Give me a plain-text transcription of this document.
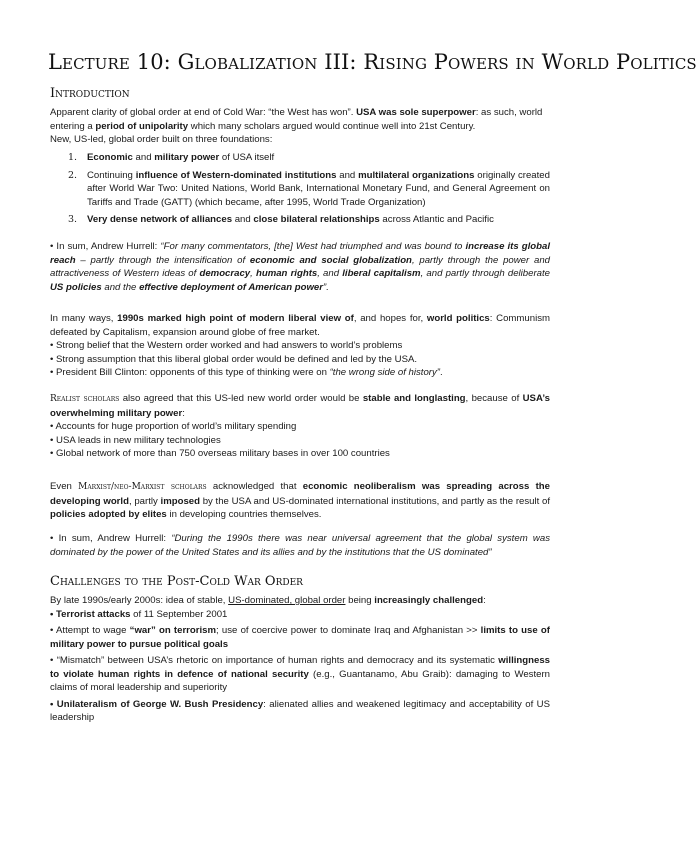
Lecture 10: Globalization III: Rising Powers in World Politics
Introduction
Apparent clarity of global order at end of Cold War: “the West has won”. USA was sole superpower: as such, world entering a period of unipolarity which many scholars argued would continue well into 21st Century.
New, US-led, global order built on three foundations:
1. Economic and military power of USA itself
2. Continuing influence of Western-dominated institutions and multilateral organizations originally created after World War Two: United Nations, World Bank, International Monetary Fund, and General Agreement on Tariffs and Trade (GATT) (which became, after 1995, World Trade Organization)
3. Very dense network of alliances and close bilateral relationships across Atlantic and Pacific
• In sum, Andrew Hurrell: “For many commentators, [the] West had triumphed and was bound to increase its global reach – partly through the intensification of economic and social globalization, partly through the power and attractiveness of Western ideas of democracy, human rights, and liberal capitalism, and partly through deliberate US policies and the effective deployment of American power”.
In many ways, 1990s marked high point of modern liberal view of, and hopes for, world politics: Communism defeated by Capitalism, expansion around globe of free market.
• Strong belief that the Western order worked and had answers to world’s problems
• Strong assumption that this liberal global order would be defined and led by the USA.
• President Bill Clinton: opponents of this type of thinking were on “the wrong side of history”.
Realist scholars also agreed that this US-led new world order would be stable and longlasting, because of USA’s overwhelming military power:
• Accounts for huge proportion of world’s military spending
• USA leads in new military technologies
• Global network of more than 750 overseas military bases in over 100 countries
Even Marxist/neo-Marxist scholars acknowledged that economic neoliberalism was spreading across the developing world, partly imposed by the USA and US-dominated international institutions, and partly as the result of policies adopted by elites in developing countries themselves.
• In sum, Andrew Hurrell: “During the 1990s there was near universal agreement that the global system was dominated by the power of the United States and its allies and by the institutions that the US dominated”
Challenges to the Post-Cold War Order
By late 1990s/early 2000s: idea of stable, US-dominated, global order being increasingly challenged:
• Terrorist attacks of 11 September 2001
• Attempt to wage “war” on terrorism; use of coercive power to dominate Iraq and Afghanistan >> limits to use of military power to pursue political goals
• “Mismatch” between USA’s rhetoric on importance of human rights and democracy and its systematic willingness to violate human rights in defence of national security (e.g., Guantanamo, Abu Graib): damaging to Western claims of moral leadership and superiority
• Unilateralism of George W. Bush Presidency: alienated allies and weakened legitimacy and acceptability of US leadership
